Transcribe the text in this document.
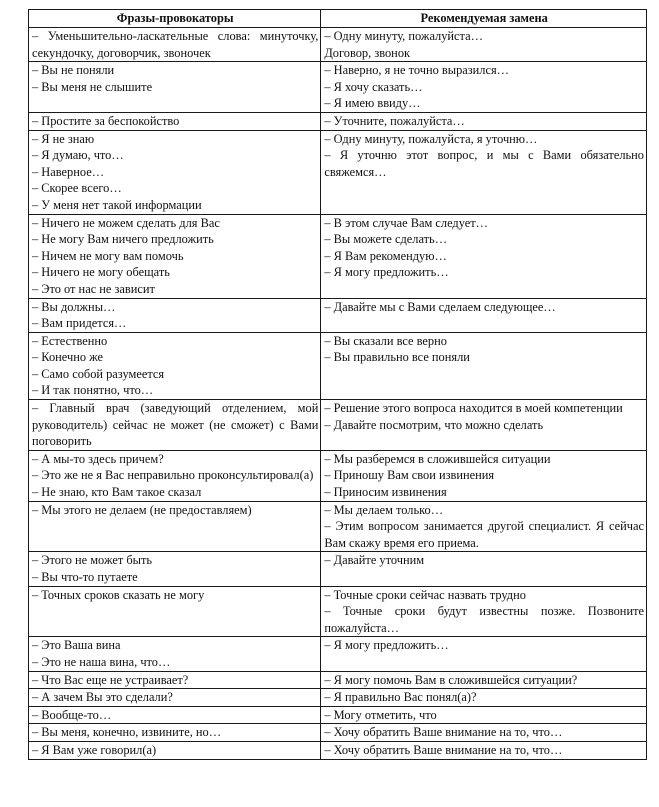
Фразы-провокаторы	Рекомендуемая замена

– Уменьшительно-ласкательные слова: минуточку, секундочку, договорчик, звоночек	– Одну минуту, пожалуйста…
Договор, звонок

– Вы не поняли
– Вы меня не слышите	– Наверно, я не точно выразился…
– Я хочу сказать…
– Я имею ввиду…

– Простите за беспокойство	– Уточните, пожалуйста…

– Я не знаю
– Я думаю, что…
– Наверное…
– Скорее всего…
– У меня нет такой информации	– Одну минуту, пожалуйста, я уточню…
– Я уточню этот вопрос, и мы с Вами обязательно свяжемся…

– Ничего не можем сделать для Вас
– Не могу Вам ничего предложить
– Ничем не могу вам помочь
– Ничего не могу обещать
– Это от нас не зависит	– В этом случае Вам следует…
– Вы можете сделать…
– Я Вам рекомендую…
– Я могу предложить…

– Вы должны…
– Вам придется…	– Давайте мы с Вами сделаем следующее…

– Естественно
– Конечно же
– Само собой разумеется
– И так понятно, что…	– Вы сказали все верно
– Вы правильно все поняли

– Главный врач (заведующий отделением, мой руководитель) сейчас не может (не сможет) с Вами поговорить	– Решение этого вопроса находится в моей компетенции
– Давайте посмотрим, что можно сделать

– А мы-то здесь причем?
– Это же не я Вас неправильно проконсультировал(а)
– Не знаю, кто Вам такое сказал	– Мы разберемся в сложившейся ситуации
– Приношу Вам свои извинения
– Приносим извинения

– Мы этого не делаем (не предоставляем)	– Мы делаем только…
– Этим вопросом занимается другой специалист. Я сейчас Вам скажу время его приема.

– Этого не может быть
– Вы что-то путаете	– Давайте уточним

– Точных сроков сказать не могу	– Точные сроки сейчас назвать трудно
– Точные сроки будут известны позже. Позвоните пожалуйста…

– Это Ваша вина
– Это не наша вина, что…	– Я могу предложить…

– Что Вас еще не устраивает?	– Я могу помочь Вам в сложившейся ситуации?

– А зачем Вы это сделали?	– Я правильно Вас понял(а)?

– Вообще-то…	– Могу отметить, что

– Вы меня, конечно, извините, но…	– Хочу обратить Ваше внимание на то, что…

– Я Вам уже говорил(а)	– Хочу обратить Ваше внимание на то, что…
